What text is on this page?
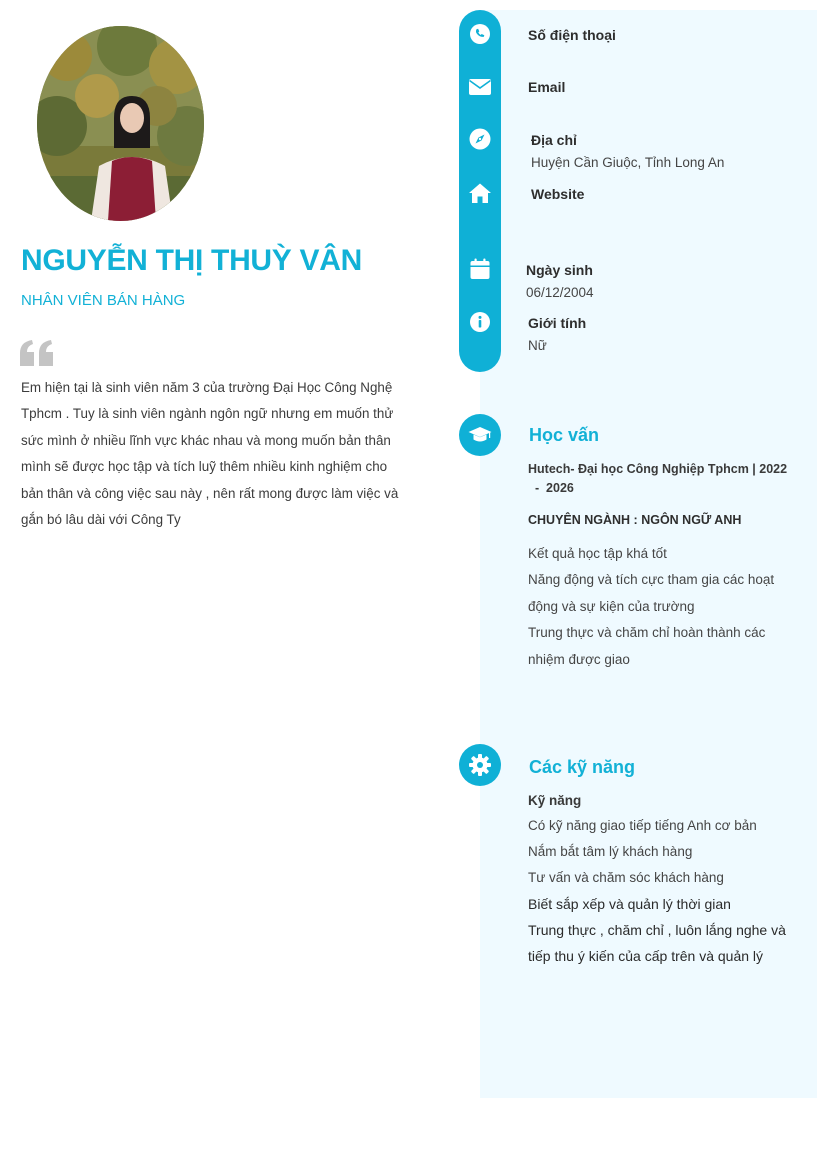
NGUYỄN THỊ THUỲ VÂN
NHÂN VIÊN BÁN HÀNG
Em hiện tại là sinh viên năm 3 của trường Đại Học Công Nghệ
Tphcm . Tuy là sinh viên ngành ngôn ngữ nhưng em muốn thử
sức mình ở nhiều lĩnh vực khác nhau và mong muốn bản thân
mình sẽ được học tập và tích luỹ thêm nhiều kinh nghiệm cho
bản thân và công việc sau này , nên rất mong được làm việc và
gắn bó lâu dài với Công Ty
Số điện thoại
Email
Địa chỉ
Huyện Cần Giuộc, Tỉnh Long An
Website
Ngày sinh
06/12/2004
Giới tính
Nữ
Học vấn
Hutech- Đại học Công Nghiệp Tphcm | 2022
-  2026
CHUYÊN NGÀNH : NGÔN NGỮ ANH
Kết quả học tập khá tốt
Năng động và tích cực tham gia các hoạt
động và sự kiện của trường
Trung thực và chăm chỉ hoàn thành các
nhiệm được giao
Các kỹ năng
Kỹ năng
Có kỹ năng giao tiếp tiếng Anh cơ bản
Nắm bắt tâm lý khách hàng
Tư vấn và chăm sóc khách hàng
Biết sắp xếp và quản lý thời gian
Trung thực , chăm chỉ , luôn lắng nghe và
tiếp thu ý kiến của cấp trên và quản lý
